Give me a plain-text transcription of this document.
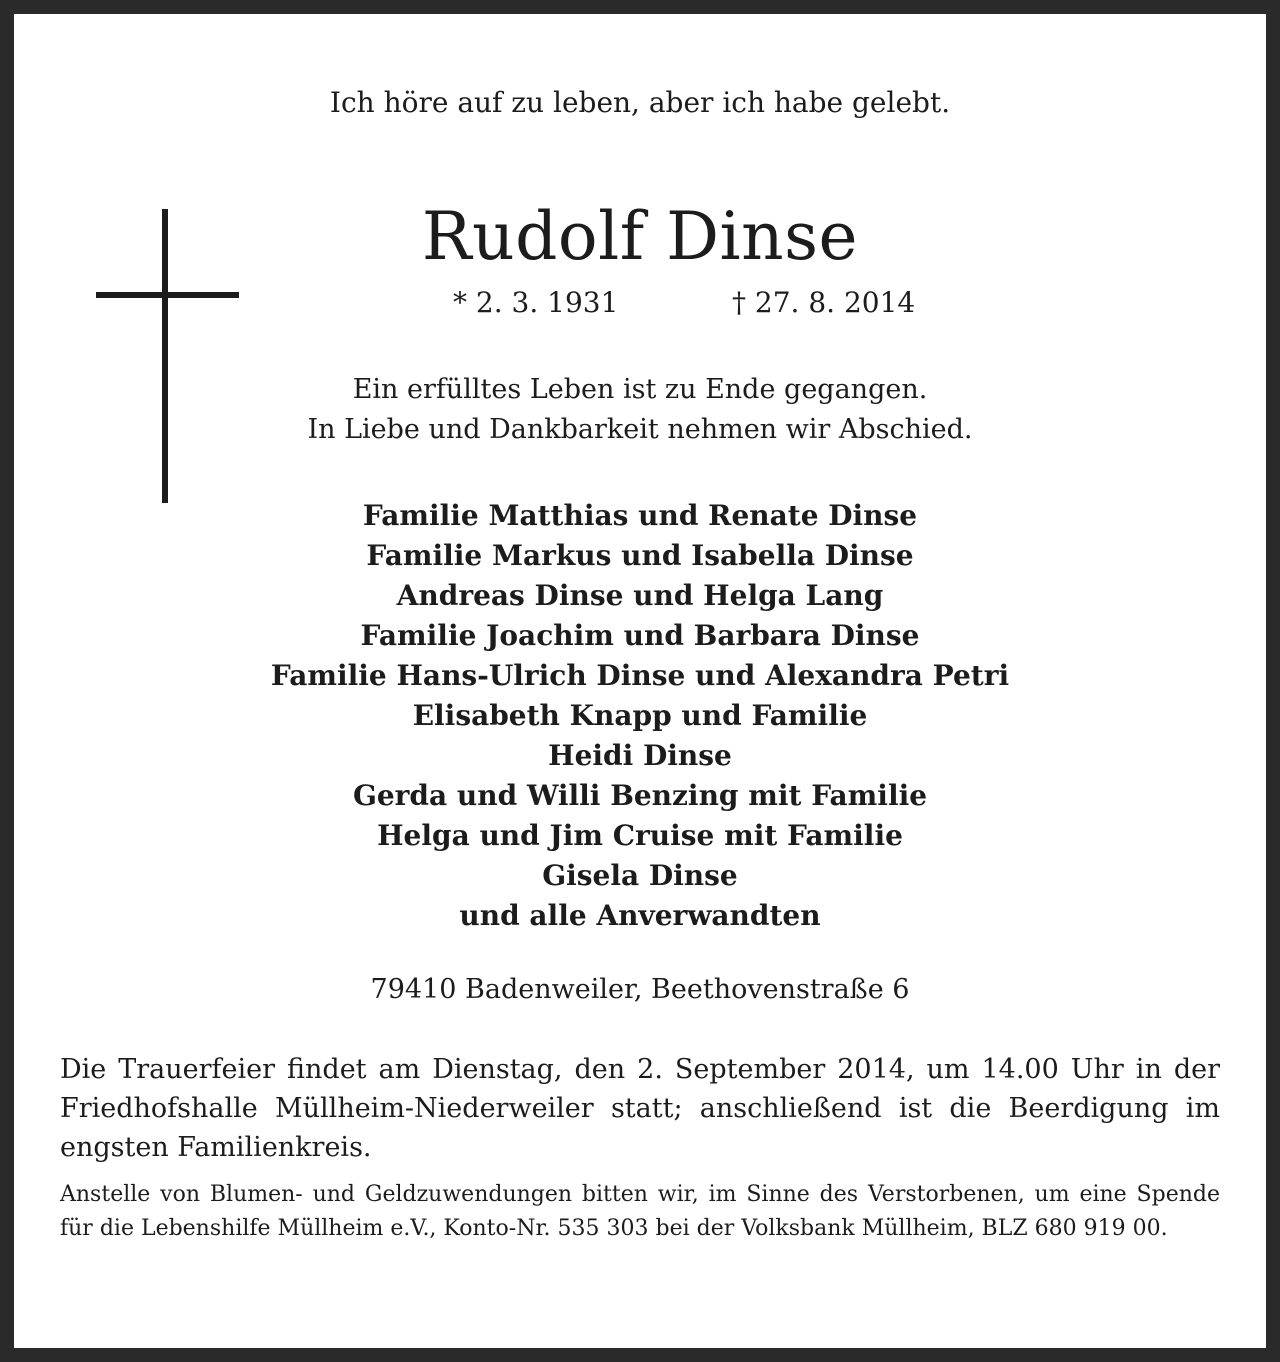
Ich höre auf zu leben, aber ich habe gelebt.
Rudolf Dinse
* 2. 3. 1931	† 27. 8. 2014
Ein erfülltes Leben ist zu Ende gegangen.
In Liebe und Dankbarkeit nehmen wir Abschied.
Familie Matthias und Renate Dinse
Familie Markus und Isabella Dinse
Andreas Dinse und Helga Lang
Familie Joachim und Barbara Dinse
Familie Hans-Ulrich Dinse und Alexandra Petri
Elisabeth Knapp und Familie
Heidi Dinse
Gerda und Willi Benzing mit Familie
Helga und Jim Cruise mit Familie
Gisela Dinse
und alle Anverwandten
79410 Badenweiler, Beethovenstraße 6
Die Trauerfeier findet am Dienstag, den 2. September 2014, um 14.00 Uhr in der Friedhofshalle Müllheim-Niederweiler statt; anschließend ist die Beerdigung im engsten Familienkreis.
Anstelle von Blumen- und Geldzuwendungen bitten wir, im Sinne des Verstorbenen, um eine Spende für die Lebenshilfe Müllheim e.V., Konto-Nr. 535 303 bei der Volksbank Müllheim, BLZ 680 919 00.
